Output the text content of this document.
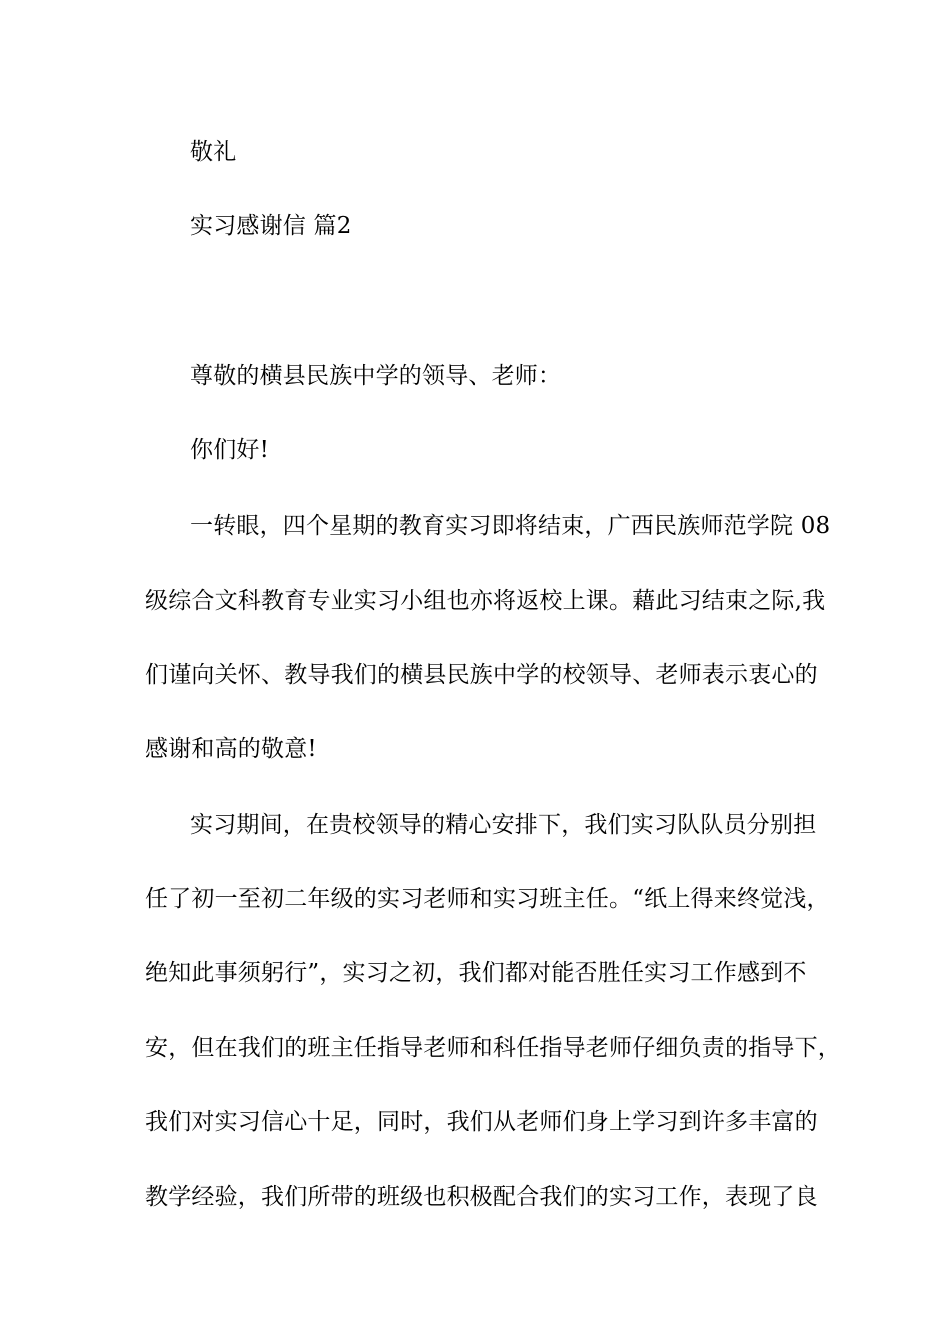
敬礼
实习感谢信 篇2
尊敬的横县民族中学的领导、老师：
你们好!
一转眼，四个星期的教育实习即将结束，广西民族师范学院 08
级综合文科教育专业实习小组也亦将返校上课。藉此习结束之际,我
们谨向关怀、教导我们的横县民族中学的校领导、老师表示衷心的
感谢和高的敬意!
实习期间，在贵校领导的精心安排下，我们实习队队员分别担
任了初一至初二年级的实习老师和实习班主任。“纸上得来终觉浅，
绝知此事须躬行”，实习之初，我们都对能否胜任实习工作感到不
安，但在我们的班主任指导老师和科任指导老师仔细负责的指导下，
我们对实习信心十足，同时，我们从老师们身上学习到许多丰富的
教学经验，我们所带的班级也积极配合我们的实习工作，表现了良
